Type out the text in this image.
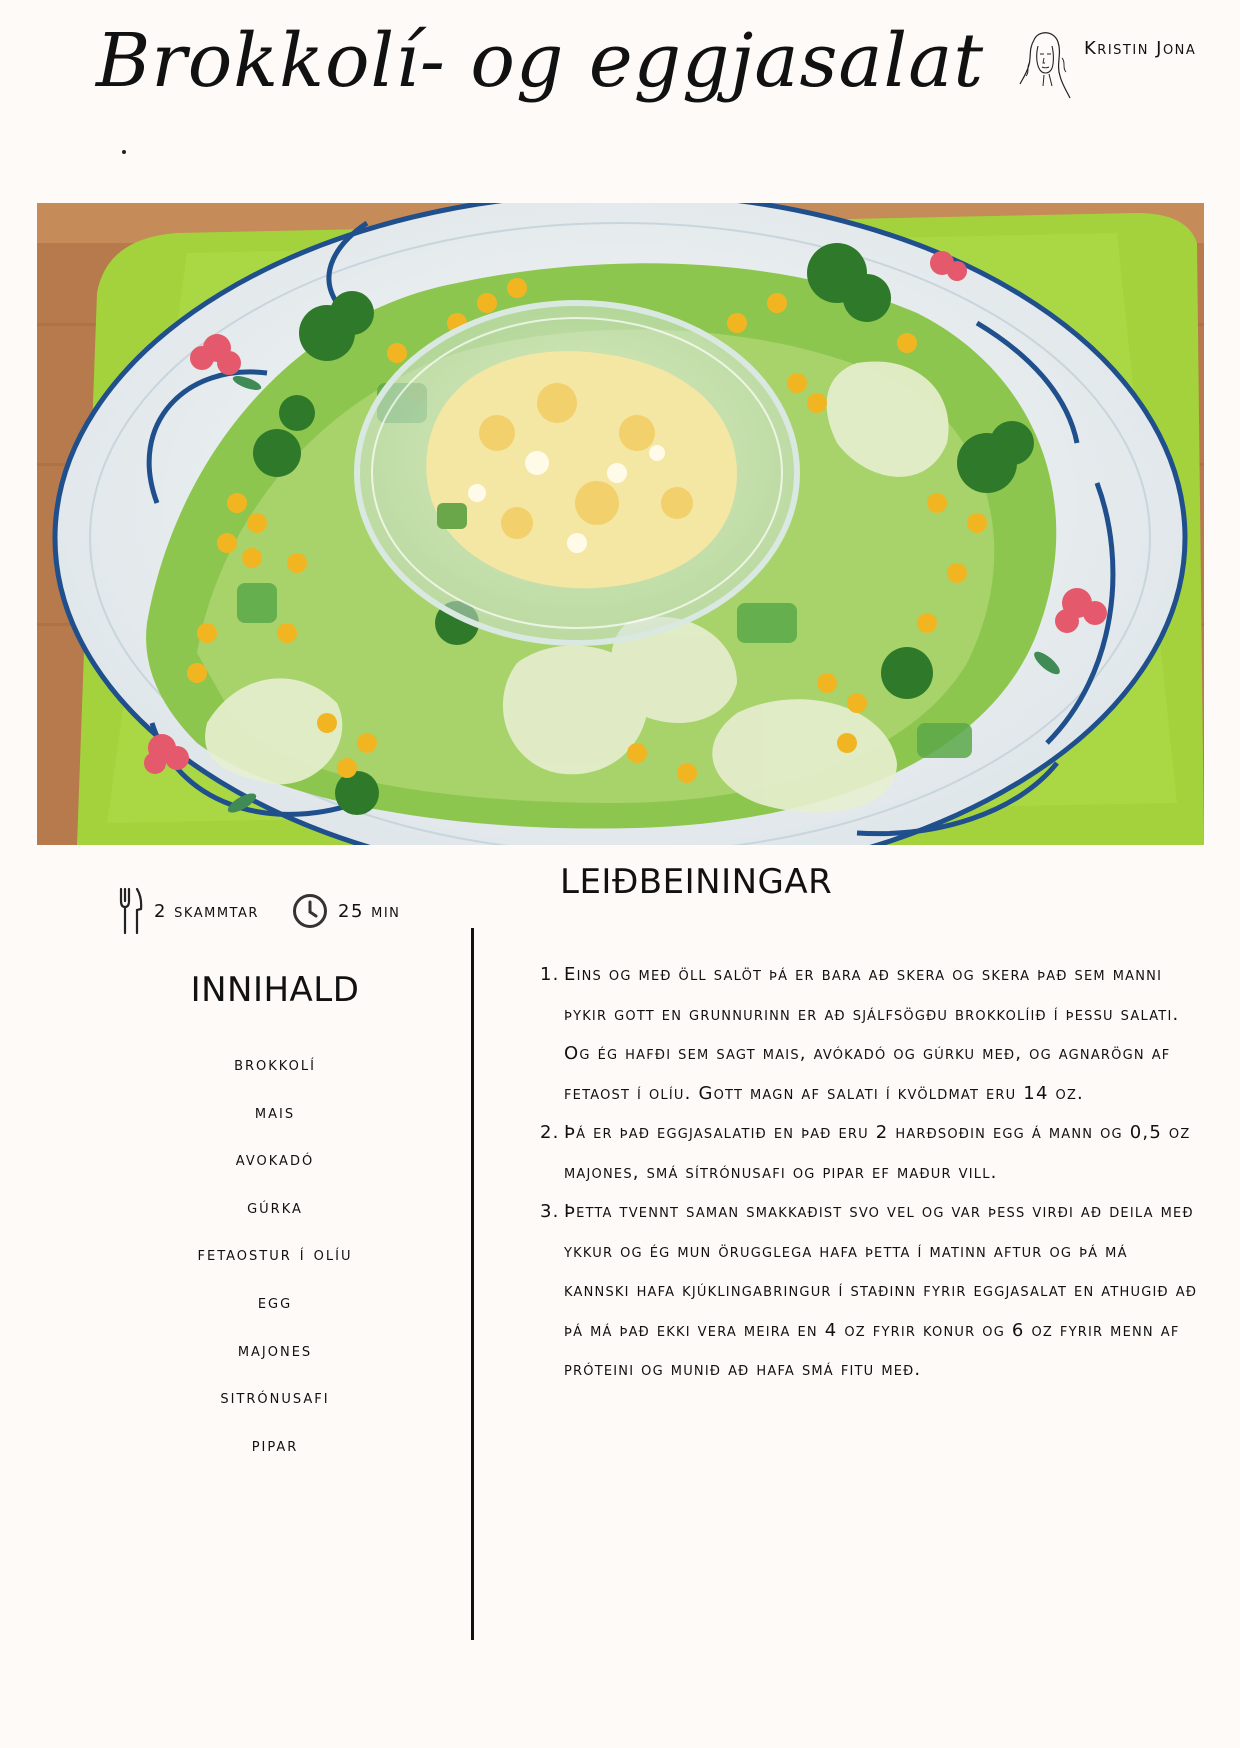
Brokkolí- og eggjasalat	Kristin Jona
2 skammtar	25 min
LEIÐBEININGAR
INNIHALD
brokkolí
mais
avokadó
gúrka
fetaostur í olíu
egg
majones
sitrónusafi
pipar
1. Eins og með öll salöt þá er bara að skera og skera það sem manni þykir gott en grunnurinn er að sjálfsögðu brokkolíið í þessu salati. Og ég hafði sem sagt mais, avókadó og gúrku með, og agnarögn af fetaost í olíu. Gott magn af salati í kvöldmat eru 14 oz.
2. Þá er það eggjasalatið en það eru 2 harðsoðin egg á mann og 0,5 oz majones, smá sítrónusafi og pipar ef maður vill.
3. Þetta tvennt saman smakkaðist svo vel og var þess virði að deila með ykkur og ég mun örugglega hafa þetta í matinn aftur og þá má kannski hafa kjúklingabringur í staðinn fyrir eggjasalat en athugið að þá má það ekki vera meira en 4 oz fyrir konur og 6 oz fyrir menn af próteini og munið að hafa smá fitu með.
